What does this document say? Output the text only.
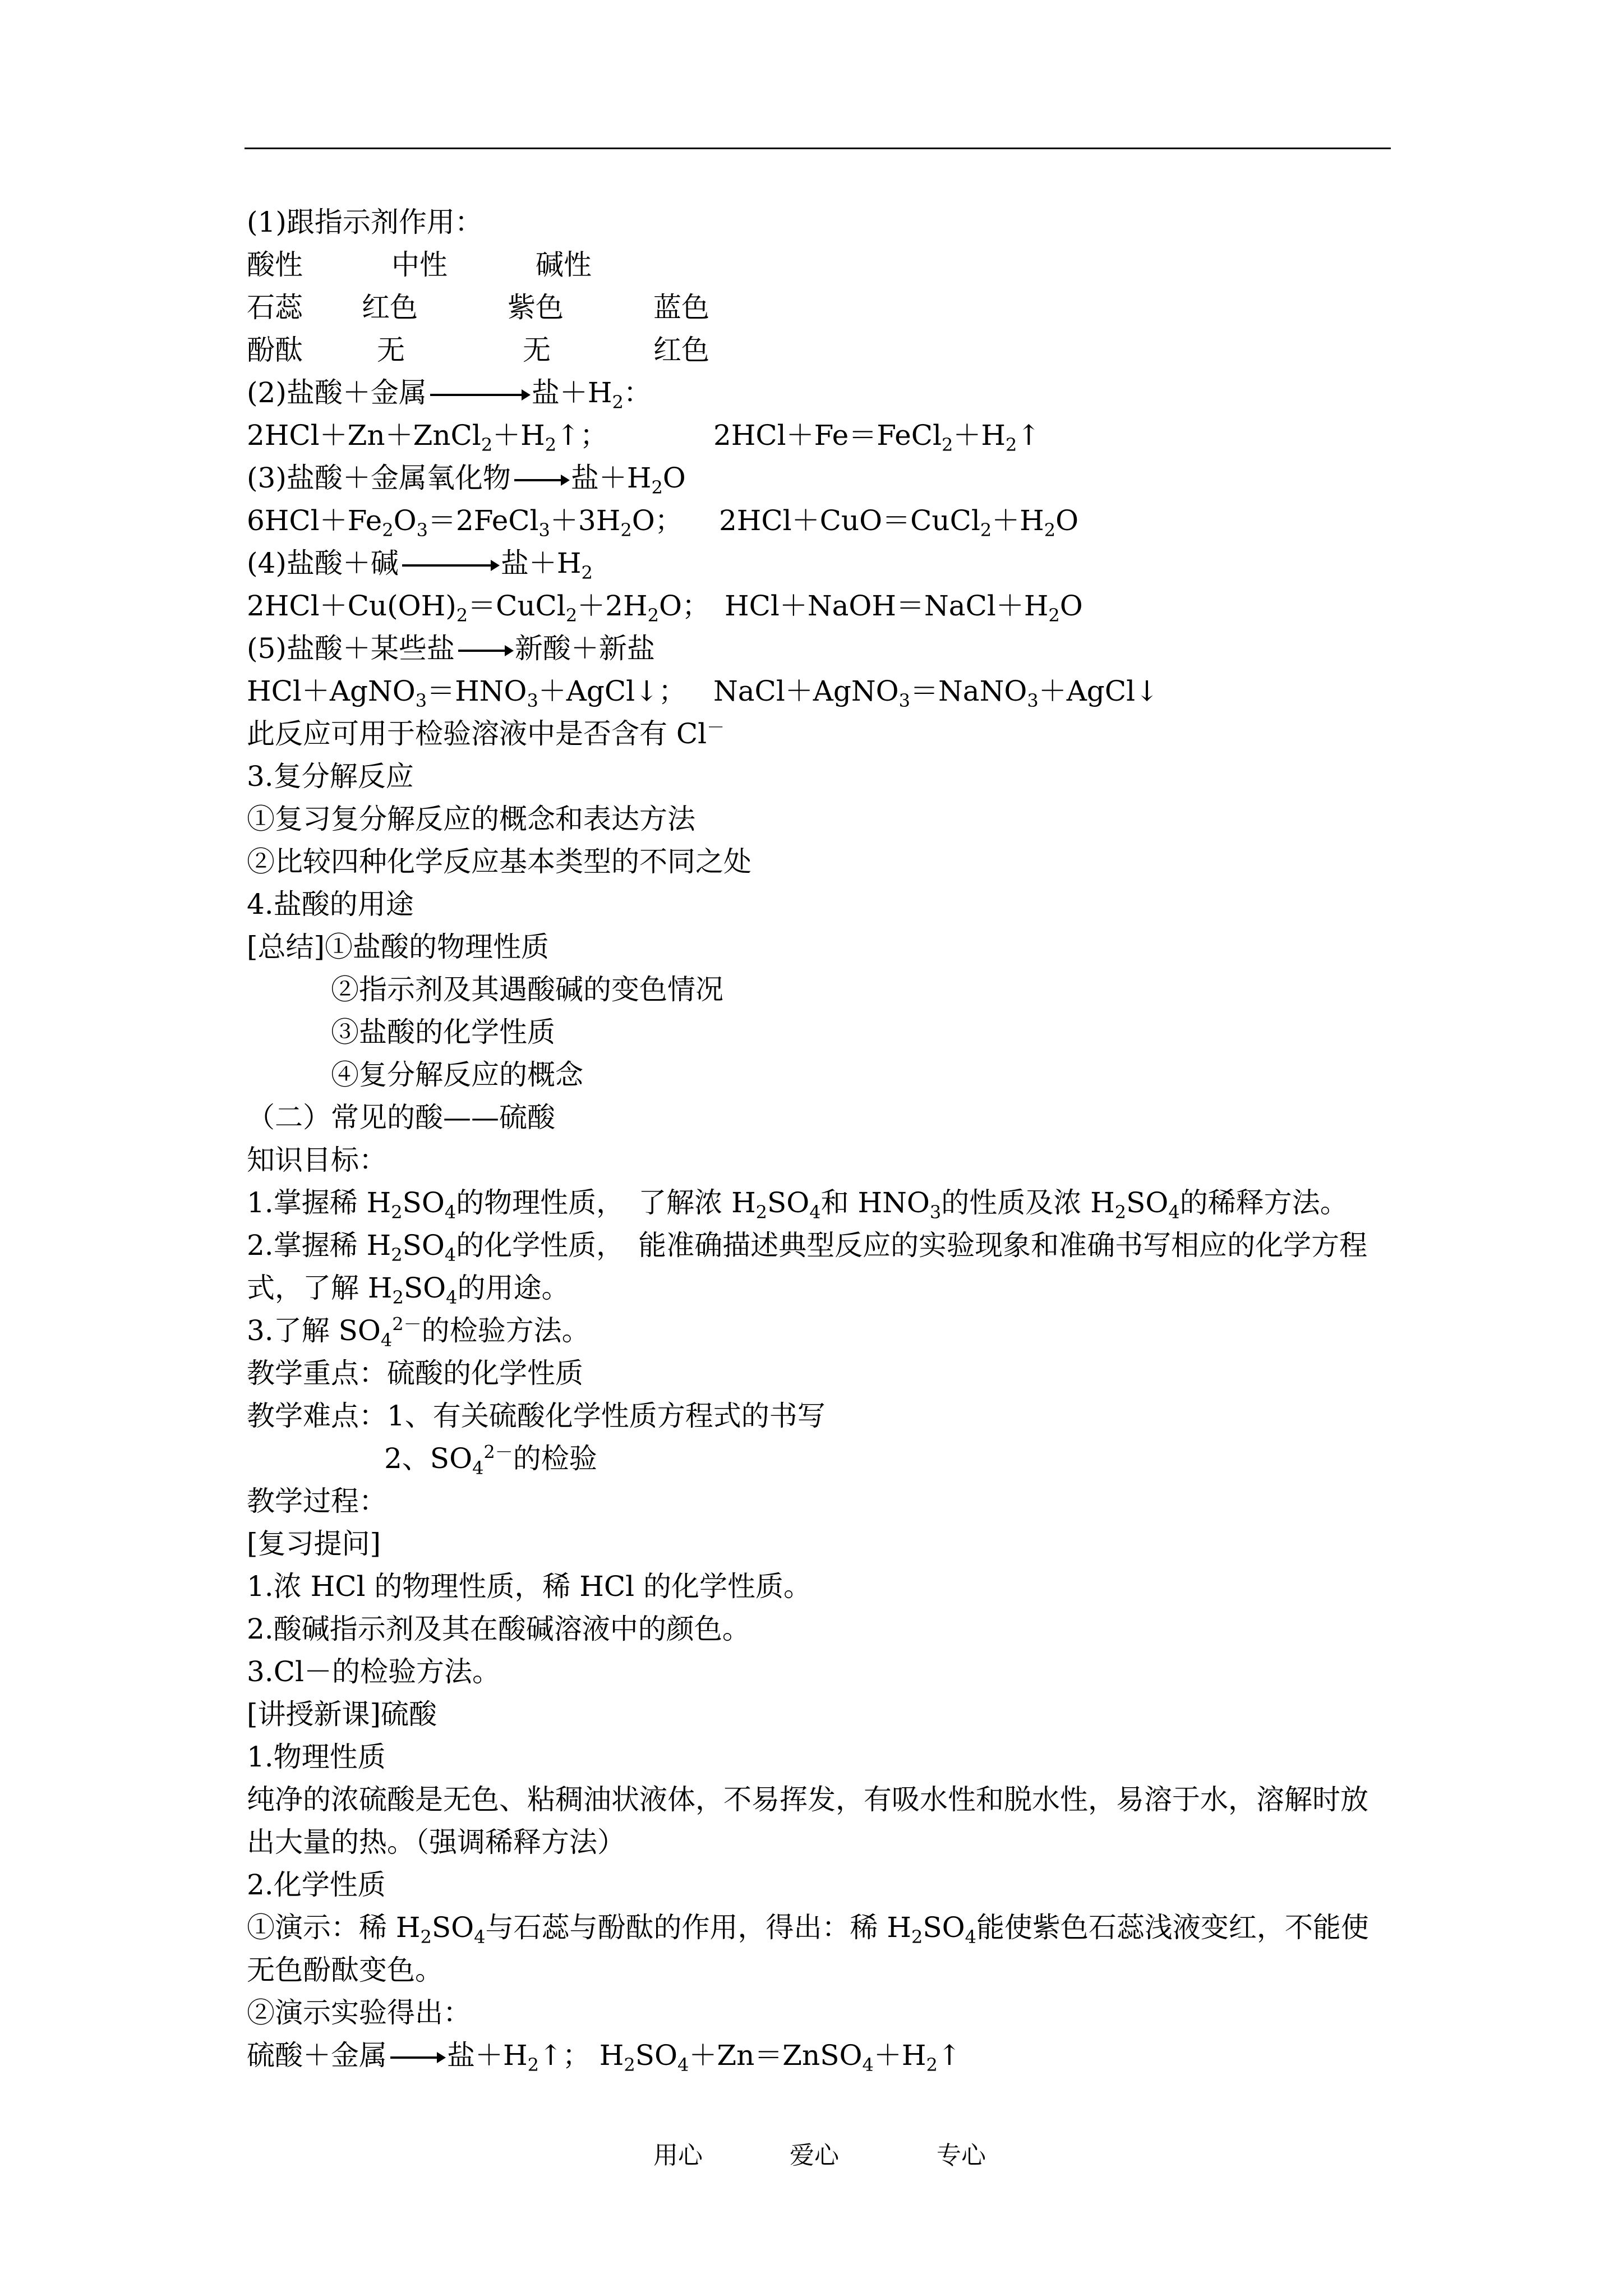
(1)跟指示剂作用：
酸性	中性	碱性
石蕊 红色	紫色	蓝色
酚酞	无	无	红色
(2)盐酸＋金属	盐$+H_2$：
$2HCl+Zn+ZnCl_2+H_2↑$；	$2HCl+Fe=FeCl_2+H_2↑$
(3)盐酸＋金属氧化物 盐$+H_2O$
$6HCl+Fe_2O_3=2FeCl_3+3H_2O$； $2HCl+CuO=CuCl_2+H_2O$
(4)盐酸＋碱	盐$+H_2$
$2HCl+Cu(OH)_2=CuCl_2+2H_2O$； $HCl+NaOH=NaCl+H_2O$
(5)盐酸＋某些盐 新酸＋新盐
$HCl+AgNO_3=HNO_3+AgCl↓$； NaCl＋AgNO$_3$＝NaNO$_3$＋AgCl↓
此反应可用于检验溶液中是否含有 Cl－
3.复分解反应
①复习复分解反应的概念和表达方法
②比较四种化学反应基本类型的不同之处
4.盐酸的用途
[总结]①盐酸的物理性质
②指示剂及其遇酸碱的变色情况
③盐酸的化学性质
④复分解反应的概念
（二）常见的酸——硫酸
知识目标：
1.掌握稀 $H_2SO_4$的物理性质，　了解浓 $H_2SO_4$和 $HNO_3$的性质及浓 $H_2SO_4$的稀释方法。
2.掌握稀 $H_2SO_4$的化学性质，　能准确描述典型反应的实验现象和准确书写相应的化学方程式，了解 $H_2SO_4$的用途。
3.了解 $SO_4^{2-}$的检验方法。
教学重点：硫酸的化学性质
教学难点：1、有关硫酸化学性质方程式的书写
2、$SO_4^{2-}$的检验
教学过程：
[复习提问]
1.浓 HCl 的物理性质，稀 HCl 的化学性质。
2.酸碱指示剂及其在酸碱溶液中的颜色。
3.Cl－的检验方法。
[讲授新课]硫酸
1.物理性质
纯净的浓硫酸是无色、粘稠油状液体，不易挥发，有吸水性和脱水性，易溶于水，溶解时放出大量的热。（强调稀释方法）
2.化学性质
①演示：稀 $H_2SO_4$与石蕊与酚酞的作用，得出：稀 $H_2SO_4$能使紫色石蕊浅液变红，不能使无色酚酞变色。
②演示实验得出：
硫酸＋金属 盐$+H_2↑$； $H_2SO_4+Zn=ZnSO_4+H_2↑$
用心	爱心	专心
